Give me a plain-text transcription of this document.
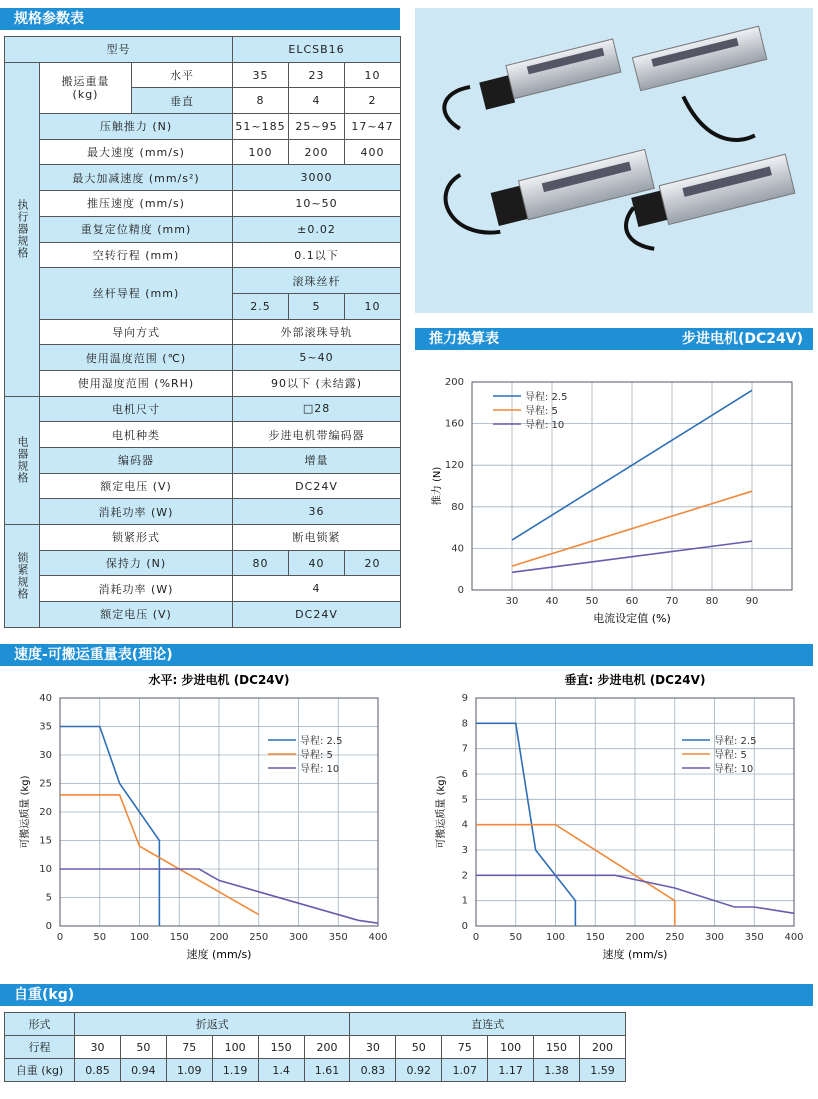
规格参数表
推力换算表	步进电机(DC24V)
速度-可搬运重量表(理论)
自重(kg)
型号			ELCSB16		
执行器规格	搬运重量
(kg)	水平	35	23	10
		垂直	8	4	2
	压触推力 (N)		51~185	25~95	17~47
	最大速度 (mm/s)		100	200	400
	最大加减速度 (mm/s²)		3000		
	推压速度 (mm/s)		10~50		
	重复定位精度 (mm)		±0.02		
	空转行程 (mm)		0.1以下		
	丝杆导程 (mm)		滚珠丝杆		
			2.5	5	10
	导向方式		外部滚珠导轨		
	使用温度范围 (℃)		5~40		
	使用湿度范围 (%RH)		90以下 (未结露)		
电器规格	电机尺寸		□28		
	电机种类		步进电机带编码器		
	编码器		增量		
	额定电压 (V)		DC24V		
	消耗功率 (W)		36		
锁紧规格	锁紧形式		断电锁紧		
	保持力 (N)		80	40	20
	消耗功率 (W)		4		
	额定电压 (V)		DC24V		
30	40	50	60	70	80	90
0
40
80
120
160
200
电流设定值 (%)
推力 (N)
导程: 2.5
导程: 5
导程: 10
水平: 步进电机 (DC24V)
0	50 100 150 200 250 300 350 400
0
5
10
15
20
25
30
35
40
速度 (mm/s)
可搬运质量 (kg)
导程: 2.5
导程: 5
导程: 10
垂直: 步进电机 (DC24V)
0	50 100 150 200 250 300 350 400
0
1
2
3
4
5
6
7
8
9
速度 (mm/s)
可搬运质量 (kg)
导程: 2.5
导程: 5
导程: 10
形式	折返式						直连式					
行程	30	50	75	100	150	200	30	50	75	100	150	200
自重 (kg)	0.85	0.94	1.09	1.19	1.4	1.61	0.83	0.92	1.07	1.17	1.38	1.59
